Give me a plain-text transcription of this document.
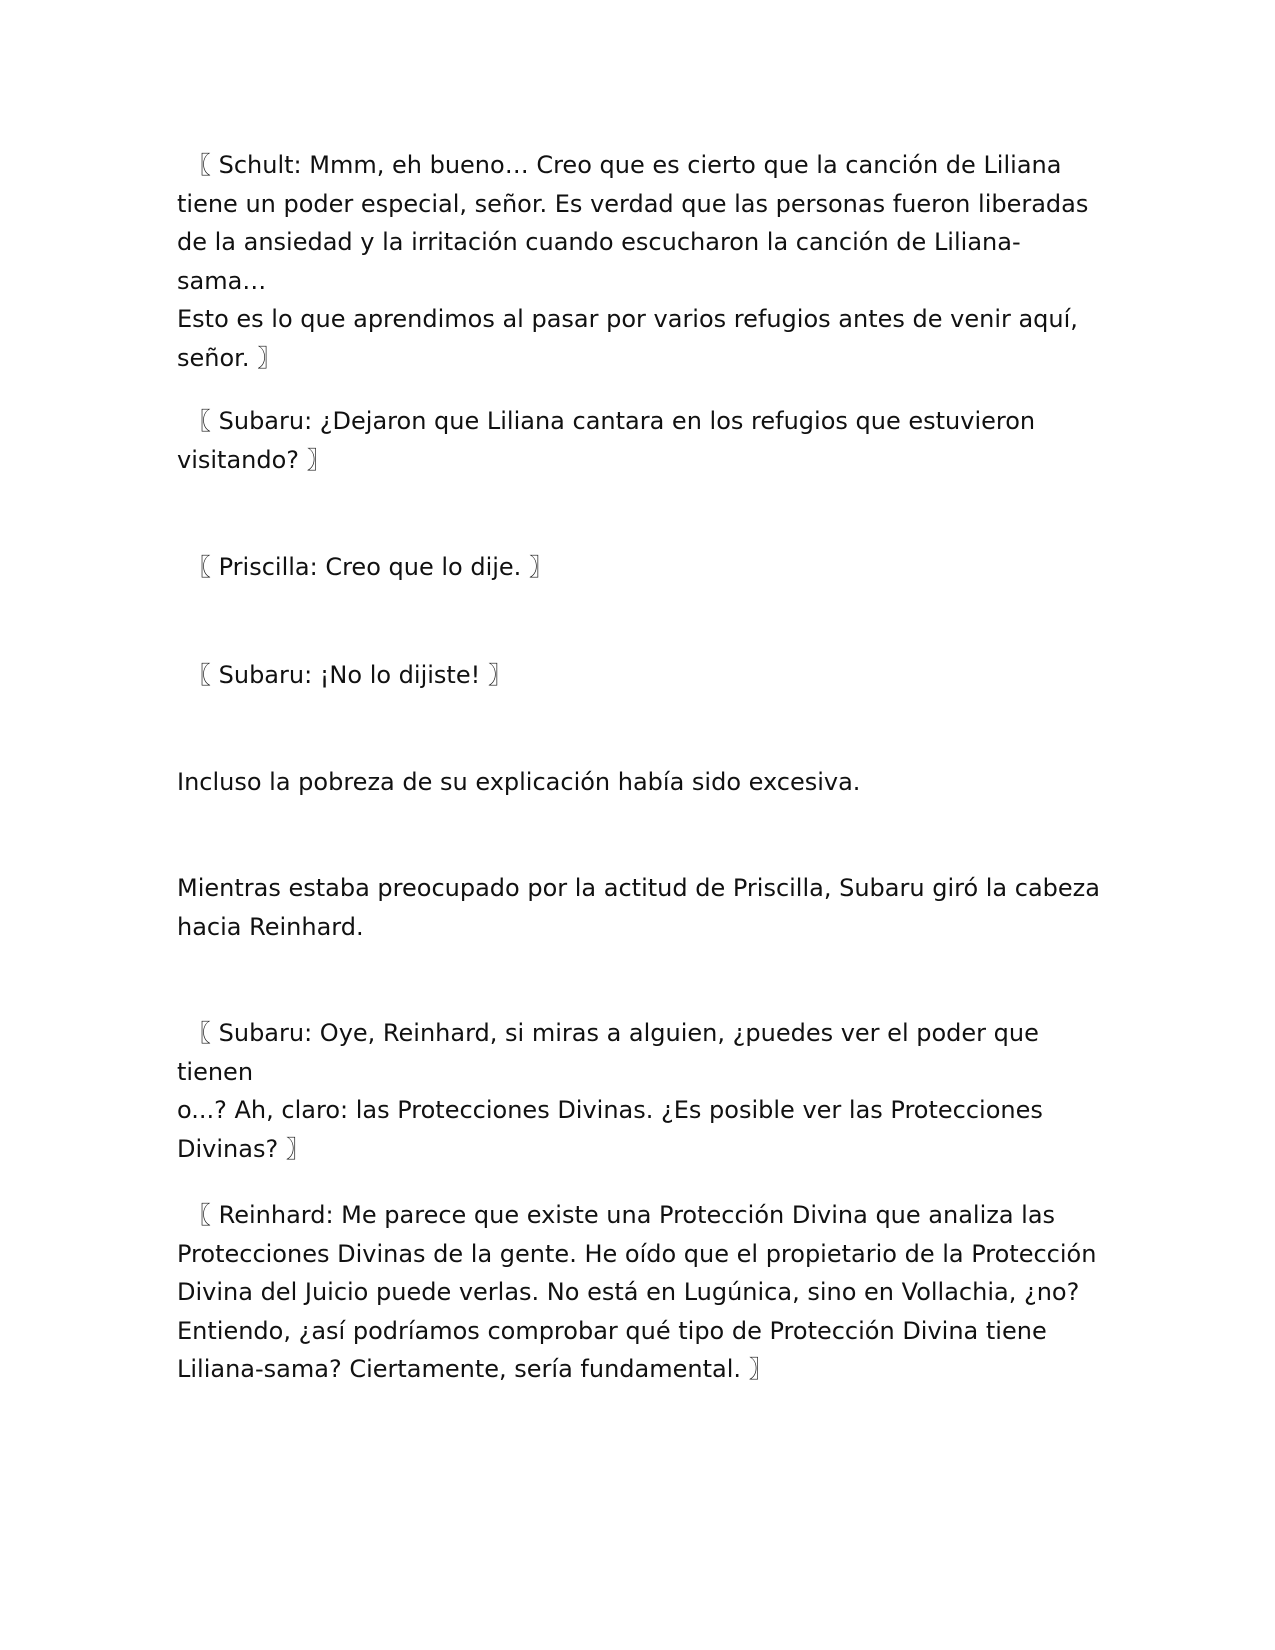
〖 Schult: Mmm, eh bueno… Creo que es cierto que la canción de Liliana
tiene un poder especial, señor. Es verdad que las personas fueron liberadas
de la ansiedad y la irritación cuando escucharon la canción de Liliana-sama…
Esto es lo que aprendimos al pasar por varios refugios antes de venir aquí,
señor. 〗

〖 Subaru: ¿Dejaron que Liliana cantara en los refugios que estuvieron
visitando? 〗

〖 Priscilla: Creo que lo dije. 〗

〖 Subaru: ¡No lo dijiste! 〗

Incluso la pobreza de su explicación había sido excesiva.

Mientras estaba preocupado por la actitud de Priscilla, Subaru giró la cabeza
hacia Reinhard.

〖 Subaru: Oye, Reinhard, si miras a alguien, ¿puedes ver el poder que tienen
o...? Ah, claro: las Protecciones Divinas. ¿Es posible ver las Protecciones
Divinas? 〗

〖 Reinhard: Me parece que existe una Protección Divina que analiza las
Protecciones Divinas de la gente. He oído que el propietario de la Protección
Divina del Juicio puede verlas. No está en Lugúnica, sino en Vollachia, ¿no?
Entiendo, ¿así podríamos comprobar qué tipo de Protección Divina tiene
Liliana-sama? Ciertamente, sería fundamental. 〗
